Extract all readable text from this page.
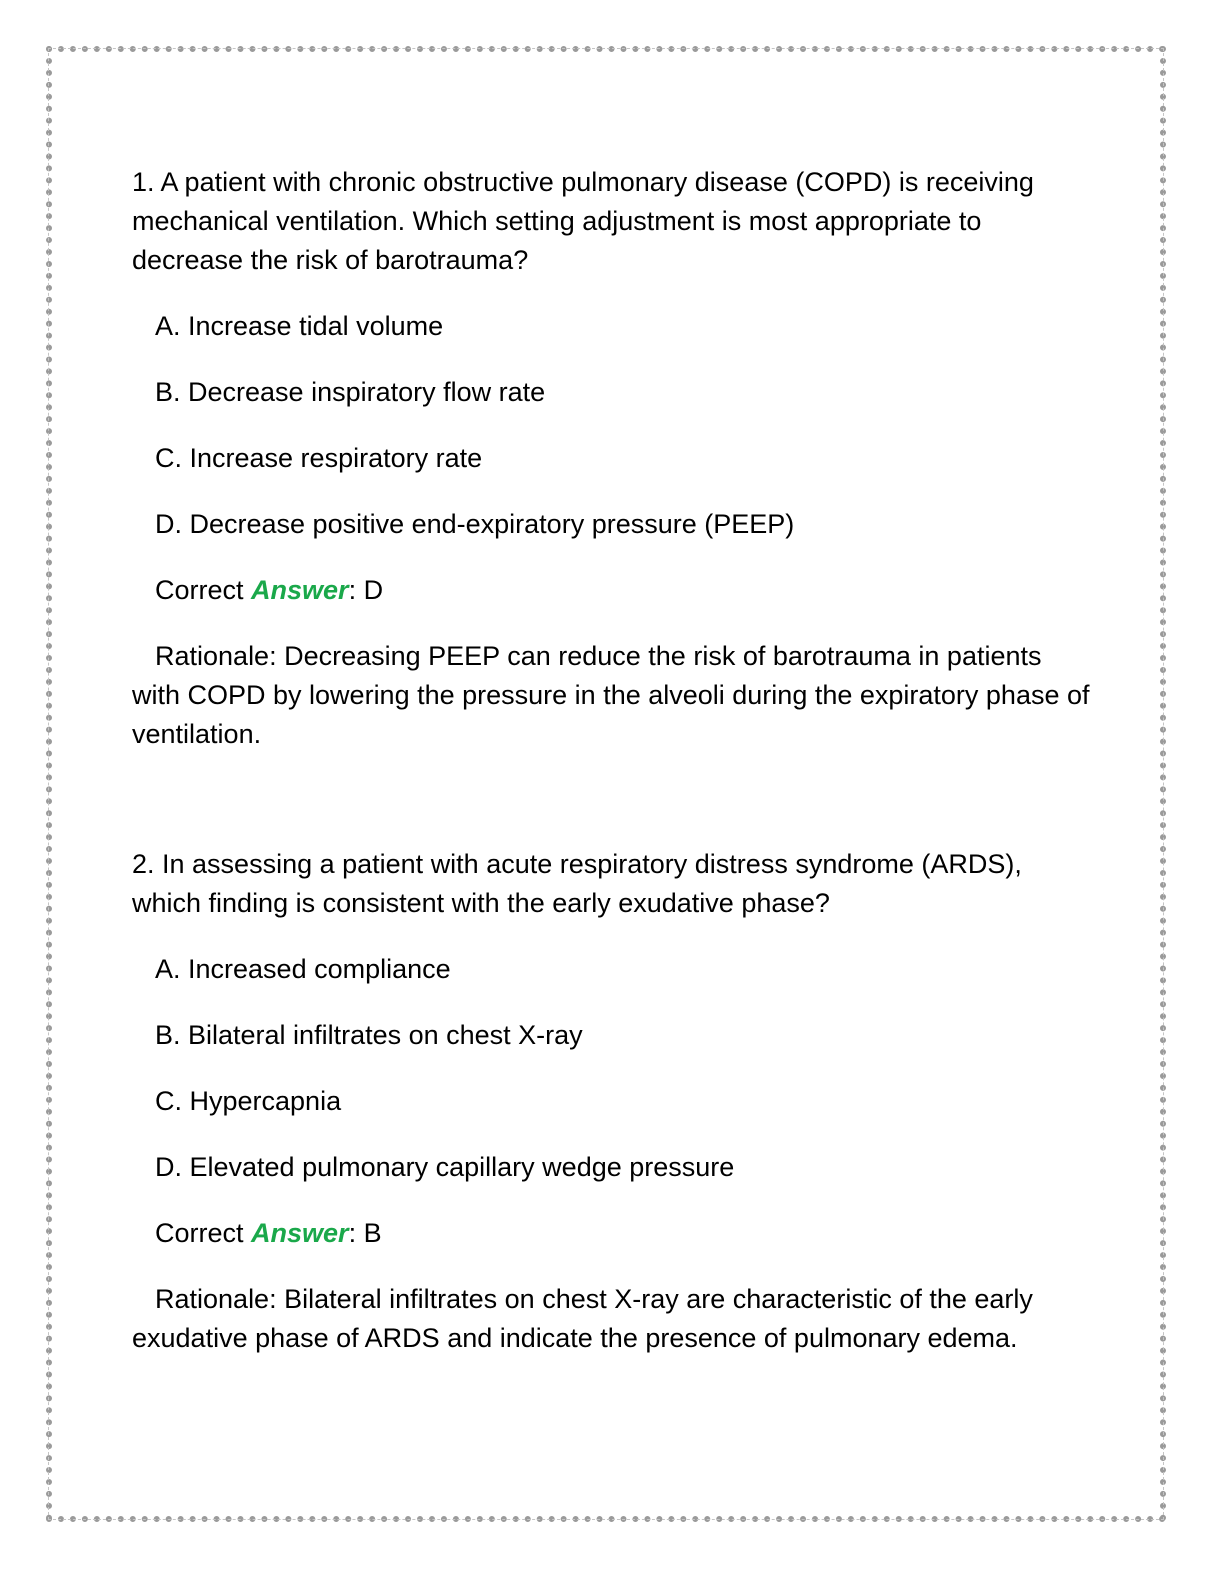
1. A patient with chronic obstructive pulmonary disease (COPD) is receiving mechanical ventilation. Which setting adjustment is most appropriate to decrease the risk of barotrauma?

A. Increase tidal volume
B. Decrease inspiratory flow rate
C. Increase respiratory rate
D. Decrease positive end-expiratory pressure (PEEP)
Correct Answer: D

Rationale: Decreasing PEEP can reduce the risk of barotrauma in patients with COPD by lowering the pressure in the alveoli during the expiratory phase of ventilation.

2. In assessing a patient with acute respiratory distress syndrome (ARDS), which finding is consistent with the early exudative phase?

A. Increased compliance
B. Bilateral infiltrates on chest X-ray
C. Hypercapnia
D. Elevated pulmonary capillary wedge pressure
Correct Answer: B

Rationale: Bilateral infiltrates on chest X-ray are characteristic of the early exudative phase of ARDS and indicate the presence of pulmonary edema.
